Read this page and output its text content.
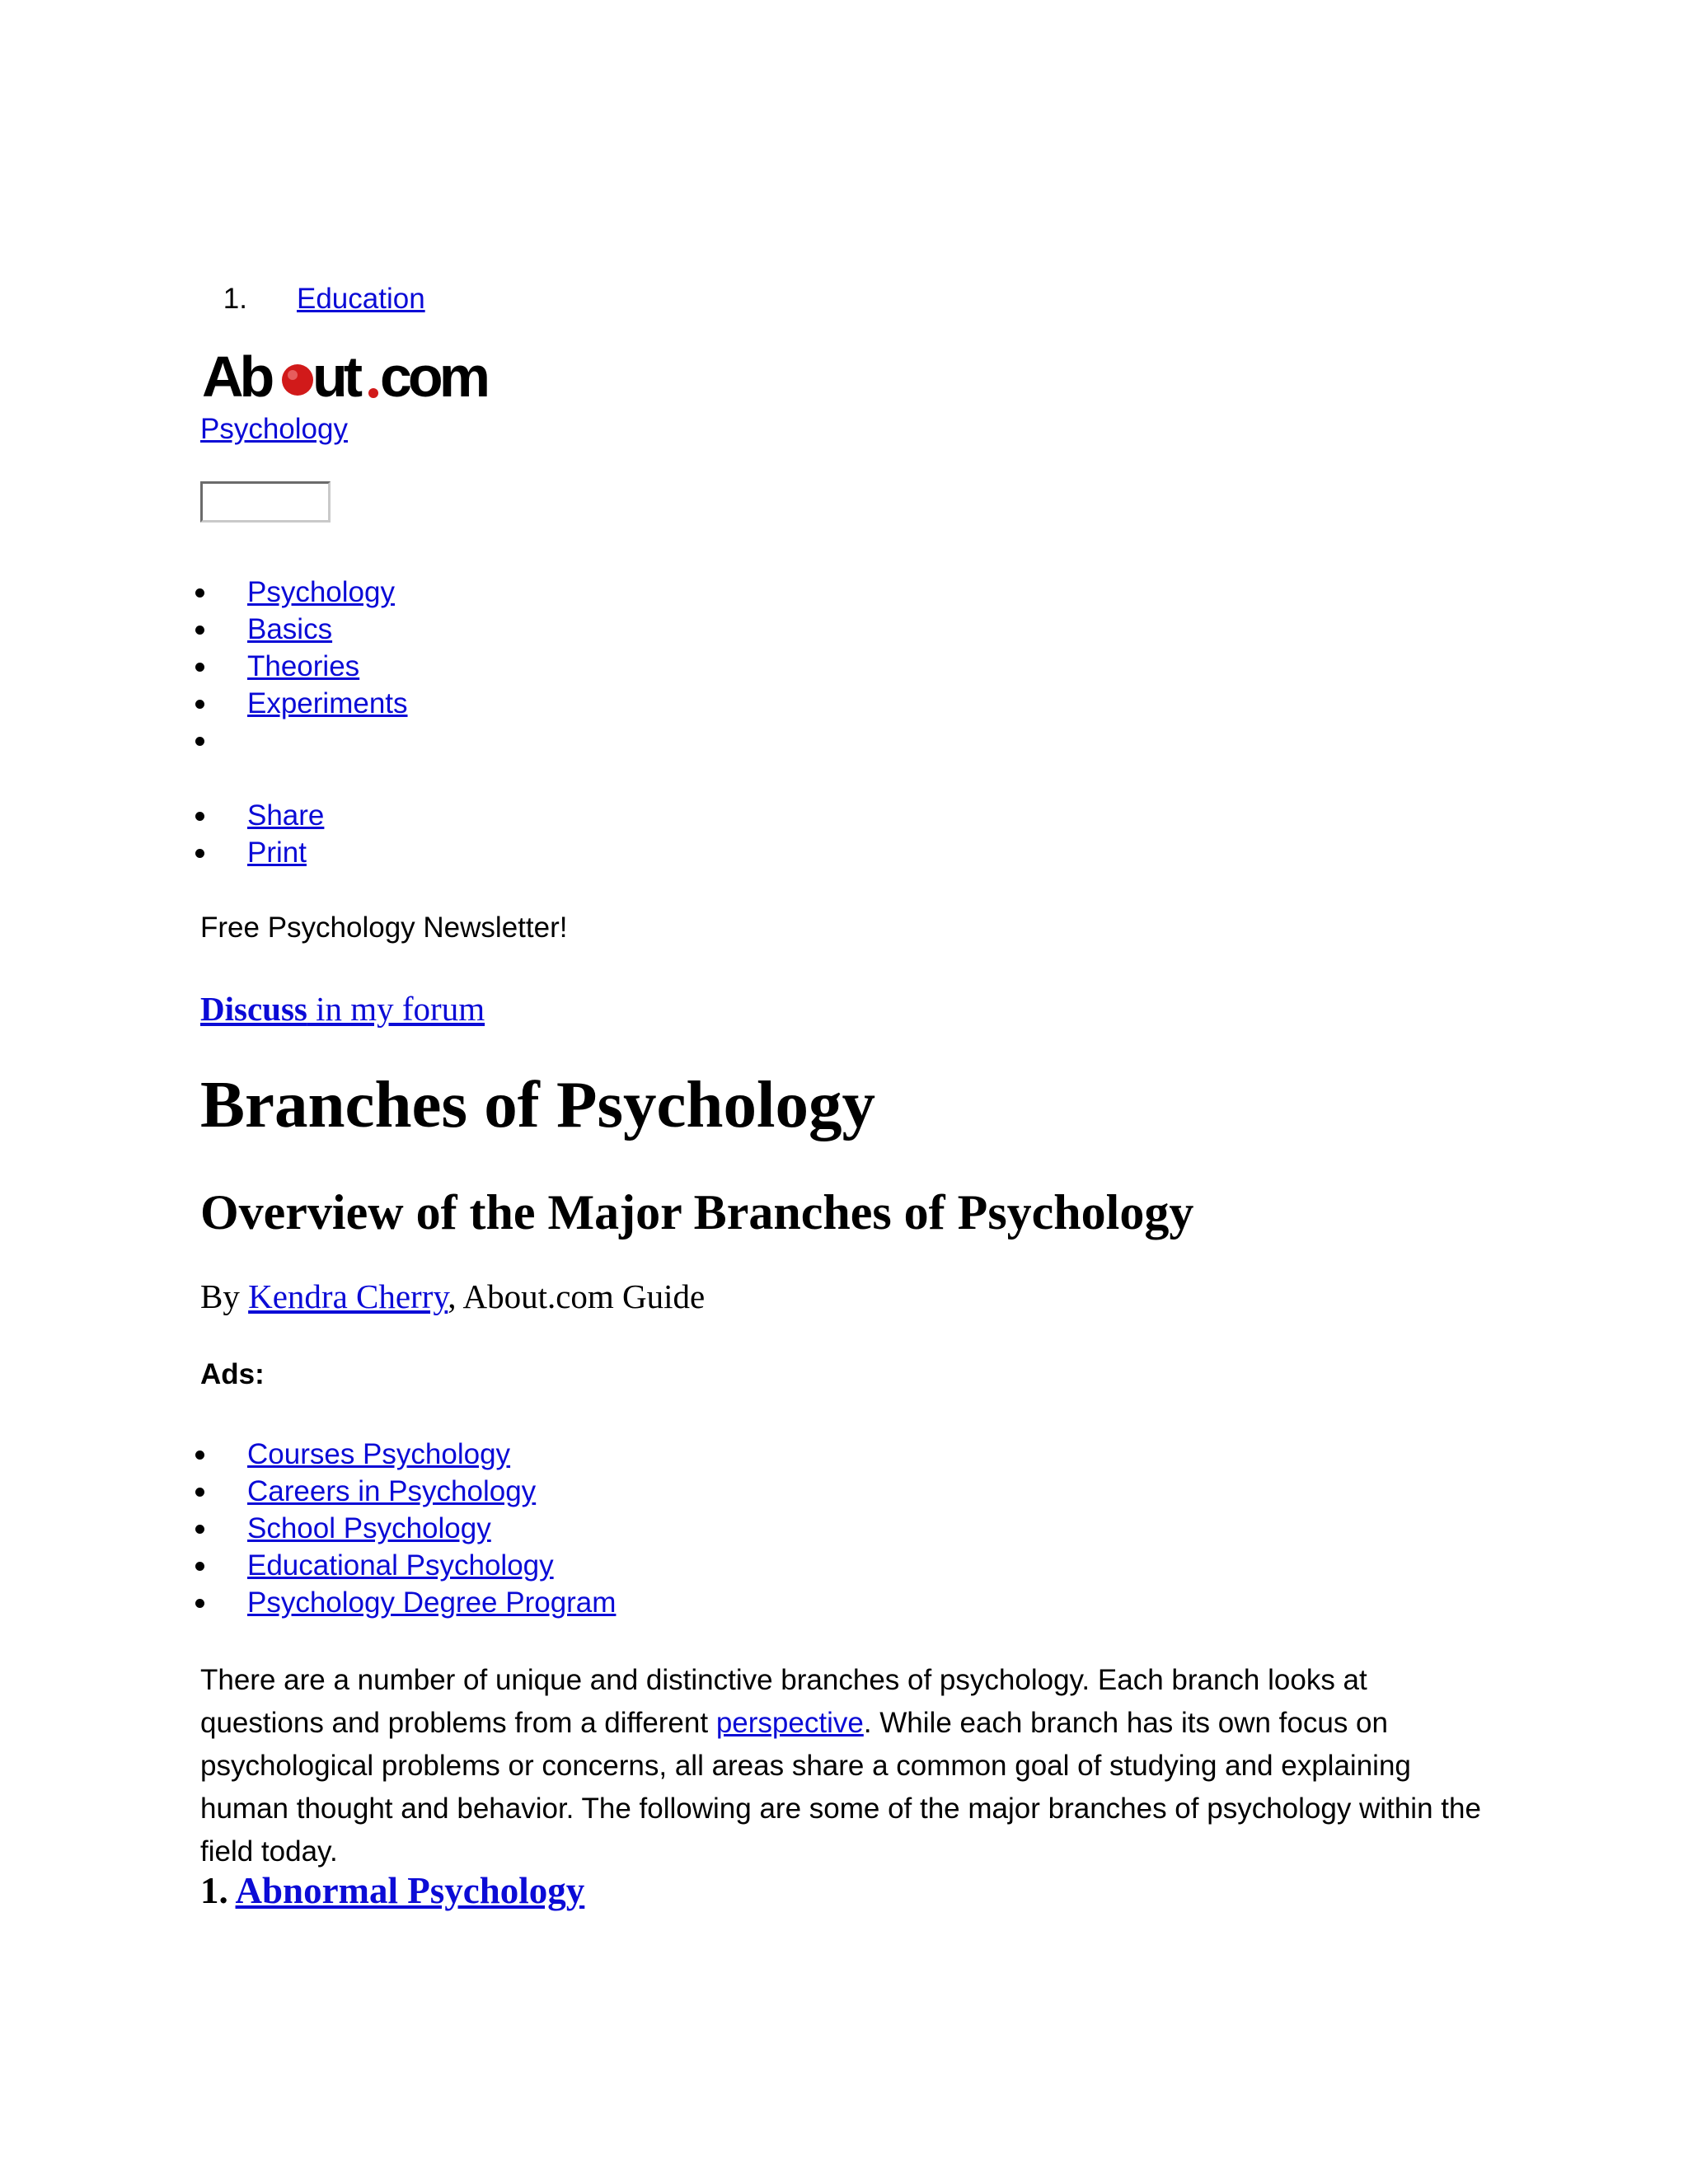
1. Education
Ab ut com
Psychology
Psychology
Basics
Theories
Experiments
Share
Print
Free Psychology Newsletter!
Discuss in my forum
Branches of Psychology
Overview of the Major Branches of Psychology
By Kendra Cherry, About.com Guide
Ads:
Courses Psychology
Careers in Psychology
School Psychology
Educational Psychology
Psychology Degree Program

There are a number of unique and distinctive branches of psychology. Each branch looks at questions and problems from a different perspective. While each branch has its own focus on psychological problems or concerns, all areas share a common goal of studying and explaining human thought and behavior. The following are some of the major branches of psychology within the field today.

1. Abnormal Psychology
